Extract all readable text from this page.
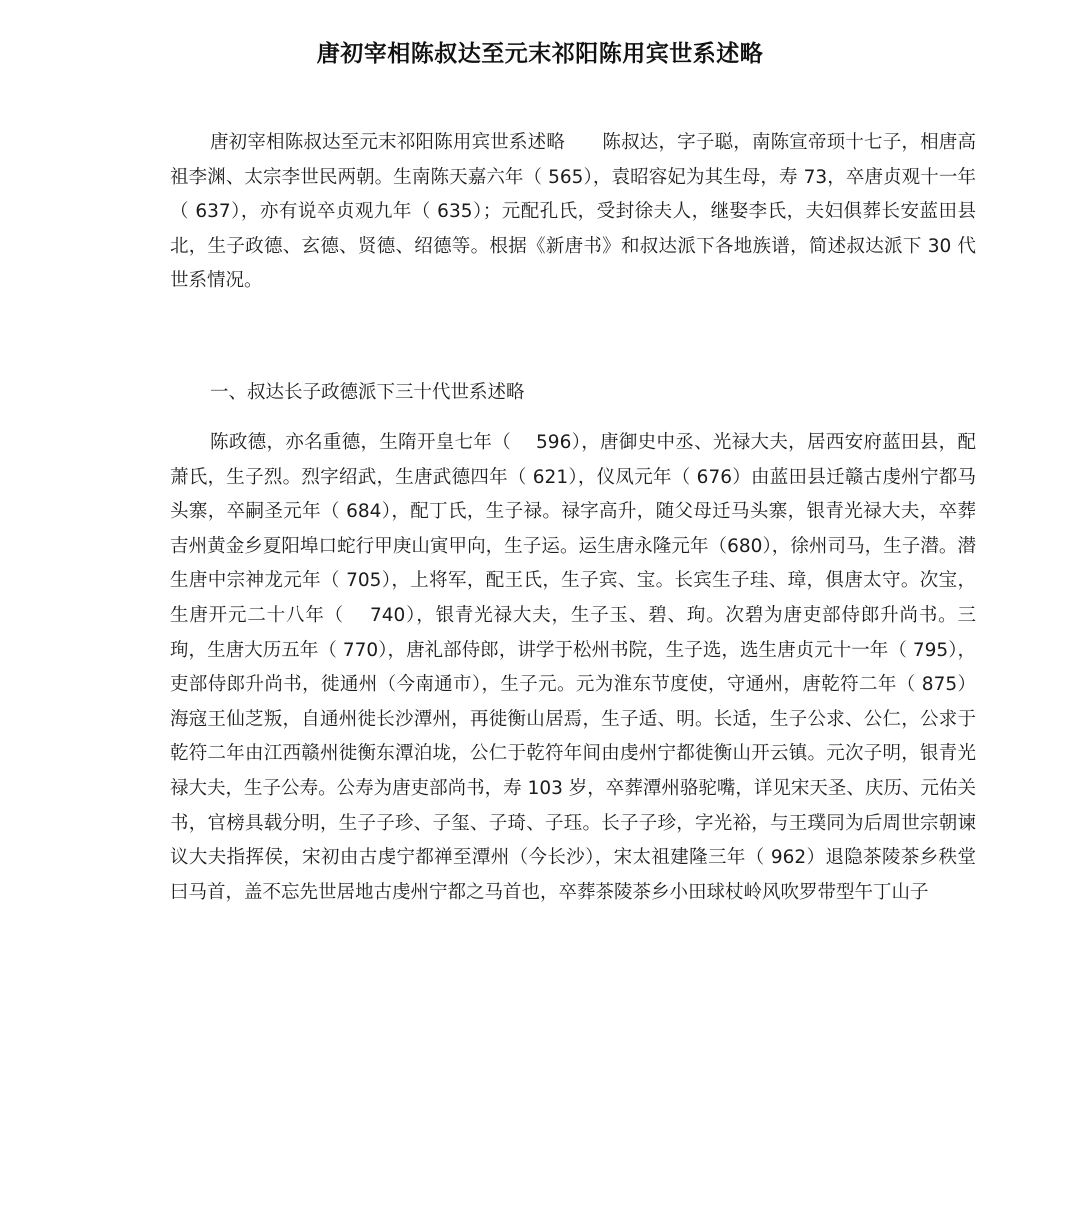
唐初宰相陈叔达至元末祁阳陈用宾世系述略

唐初宰相陈叔达至元末祁阳陈用宾世系述略　　陈叔达，字子聪，南陈宣帝顼十七子，相唐高祖李渊、太宗李世民两朝。生南陈天嘉六年（ 565），袁昭容妃为其生母，寿 73，卒唐贞观十一年（ 637），亦有说卒贞观九年（ 635）；元配孔氏，受封徐夫人，继娶李氏，夫妇俱葬长安蓝田县北，生子政德、玄德、贤德、绍德等。根据《新唐书》和叔达派下各地族谱，简述叔达派下 30 代世系情况。

一、叔达长子政德派下三十代世系述略

陈政德，亦名重德，生隋开皇七年（　 596），唐御史中丞、光禄大夫，居西安府蓝田县，配萧氏，生子烈。烈字绍武，生唐武德四年（ 621），仪凤元年（ 676）由蓝田县迁赣古虔州宁都马头寨，卒嗣圣元年（ 684），配丁氏，生子禄。禄字高升，随父母迁马头寨，银青光禄大夫，卒葬吉州黄金乡夏阳埠口蛇行甲庚山寅甲向，生子运。运生唐永隆元年（680），徐州司马，生子潜。潜生唐中宗神龙元年（ 705），上将军，配王氏，生子宾、宝。长宾生子珪、璋，俱唐太守。次宝，生唐开元二十八年（　 740），银青光禄大夫，生子玉、碧、珣。次碧为唐吏部侍郎升尚书。三珣，生唐大历五年（ 770），唐礼部侍郎，讲学于松州书院，生子选，选生唐贞元十一年（ 795），吏部侍郎升尚书，徙通州（今南通市），生子元。元为淮东节度使，守通州，唐乾符二年（ 875）海寇王仙芝叛，自通州徙长沙潭州，再徙衡山居焉，生子适、明。长适，生子公求、公仁，公求于乾符二年由江西赣州徙衡东潭泊垅，公仁于乾符年间由虔州宁都徙衡山开云镇。元次子明，银青光禄大夫，生子公寿。公寿为唐吏部尚书，寿 103 岁，卒葬潭州骆驼嘴，详见宋天圣、庆历、元佑关书，官榜具载分明，生子子珍、子玺、子琦、子珏。长子子珍，字光裕，与王璞同为后周世宗朝谏议大夫指挥侯，宋初由古虔宁都禅至潭州（今长沙），宋太祖建隆三年（ 962）退隐茶陵茶乡秩堂曰马首，盖不忘先世居地古虔州宁都之马首也，卒葬茶陵茶乡小田球杖岭风吹罗带型午丁山子
